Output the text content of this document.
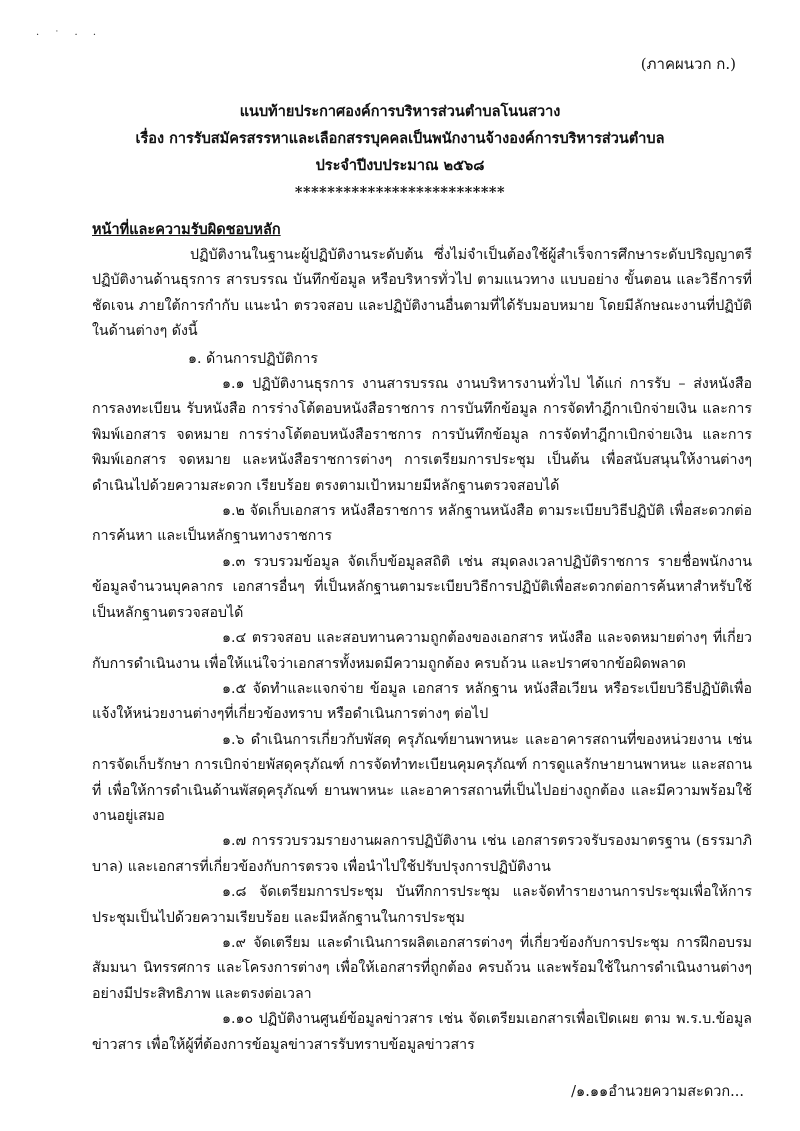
· ˙ · ·
(ภาคผนวก ก.)
แนบท้ายประกาศองค์การบริหารส่วนตำบลโนนสวาง
เรื่อง การรับสมัครสรรหาและเลือกสรรบุคคลเป็นพนักงานจ้างองค์การบริหารส่วนตำบล
ประจำปีงบประมาณ ๒๕๖๘
**************************
หน้าที่และความรับผิดชอบหลัก

ปฏิบัติงานในฐานะผู้ปฏิบัติงานระดับต้น ซึ่งไม่จำเป็นต้องใช้ผู้สำเร็จการศึกษาระดับปริญญาตรี ปฏิบัติงานด้านธุรการ สารบรรณ บันทึกข้อมูล หรือบริหารทั่วไป ตามแนวทาง แบบอย่าง ขั้นตอน และวิธีการที่ชัดเจน ภายใต้การกำกับ แนะนำ ตรวจสอบ และปฏิบัติงานอื่นตามที่ได้รับมอบหมาย โดยมีลักษณะงานที่ปฏิบัติในด้านต่างๆ ดังนี้

๑. ด้านการปฏิบัติการ

๑.๑ ปฏิบัติงานธุรการ งานสารบรรณ งานบริหารงานทั่วไป ได้แก่ การรับ – ส่งหนังสือ การลงทะเบียน รับหนังสือ การร่างโต้ตอบหนังสือราชการ การบันทึกข้อมูล การจัดทำฎีกาเบิกจ่ายเงิน และการพิมพ์เอกสาร จดหมาย การร่างโต้ตอบหนังสือราชการ การบันทึกข้อมูล การจัดทำฎีกาเบิกจ่ายเงิน และการพิมพ์เอกสาร จดหมาย และหนังสือราชการต่างๆ การเตรียมการประชุม เป็นต้น เพื่อสนับสนุนให้งานต่างๆ ดำเนินไปด้วยความสะดวก เรียบร้อย ตรงตามเป้าหมายมีหลักฐานตรวจสอบได้

๑.๒ จัดเก็บเอกสาร หนังสือราชการ หลักฐานหนังสือ ตามระเบียบวิธีปฏิบัติ เพื่อสะดวกต่อการค้นหา และเป็นหลักฐานทางราชการ

๑.๓ รวบรวมข้อมูล จัดเก็บข้อมูลสถิติ เช่น สมุดลงเวลาปฏิบัติราชการ รายชื่อพนักงาน ข้อมูลจำนวนบุคลากร เอกสารอื่นๆ ที่เป็นหลักฐานตามระเบียบวิธีการปฏิบัติเพื่อสะดวกต่อการค้นหาสำหรับใช้เป็นหลักฐานตรวจสอบได้

๑.๔ ตรวจสอบ และสอบทานความถูกต้องของเอกสาร หนังสือ และจดหมายต่างๆ ที่เกี่ยวกับการดำเนินงาน เพื่อให้แน่ใจว่าเอกสารทั้งหมดมีความถูกต้อง ครบถ้วน และปราศจากข้อผิดพลาด

๑.๕ จัดทำและแจกจ่าย ข้อมูล เอกสาร หลักฐาน หนังสือเวียน หรือระเบียบวิธีปฏิบัติเพื่อแจ้งให้หน่วยงานต่างๆที่เกี่ยวข้องทราบ หรือดำเนินการต่างๆ ต่อไป

๑.๖ ดำเนินการเกี่ยวกับพัสดุ ครุภัณฑ์ยานพาหนะ และอาคารสถานที่ของหน่วยงาน เช่น การจัดเก็บรักษา การเบิกจ่ายพัสดุครุภัณฑ์ การจัดทำทะเบียนคุมครุภัณฑ์ การดูแลรักษายานพาหนะ และสถานที่ เพื่อให้การดำเนินด้านพัสดุครุภัณฑ์ ยานพาหนะ และอาคารสถานที่เป็นไปอย่างถูกต้อง และมีความพร้อมใช้งานอยู่เสมอ

๑.๗ การรวบรวมรายงานผลการปฏิบัติงาน เช่น เอกสารตรวจรับรองมาตรฐาน (ธรรมาภิบาล) และเอกสารที่เกี่ยวข้องกับการตรวจ เพื่อนำไปใช้ปรับปรุงการปฏิบัติงาน

๑.๘ จัดเตรียมการประชุม บันทึกการประชุม และจัดทำรายงานการประชุมเพื่อให้การประชุมเป็นไปด้วยความเรียบร้อย และมีหลักฐานในการประชุม

๑.๙ จัดเตรียม และดำเนินการผลิตเอกสารต่างๆ ที่เกี่ยวข้องกับการประชุม การฝึกอบรม สัมมนา นิทรรศการ และโครงการต่างๆ เพื่อให้เอกสารที่ถูกต้อง ครบถ้วน และพร้อมใช้ในการดำเนินงานต่างๆ อย่างมีประสิทธิภาพ และตรงต่อเวลา

๑.๑๐ ปฏิบัติงานศูนย์ข้อมูลข่าวสาร เช่น จัดเตรียมเอกสารเพื่อเปิดเผย ตาม พ.ร.บ.ข้อมูลข่าวสาร เพื่อให้ผู้ที่ต้องการข้อมูลข่าวสารรับทราบข้อมูลข่าวสาร

/๑.๑๑อำนวยความสะดวก...
